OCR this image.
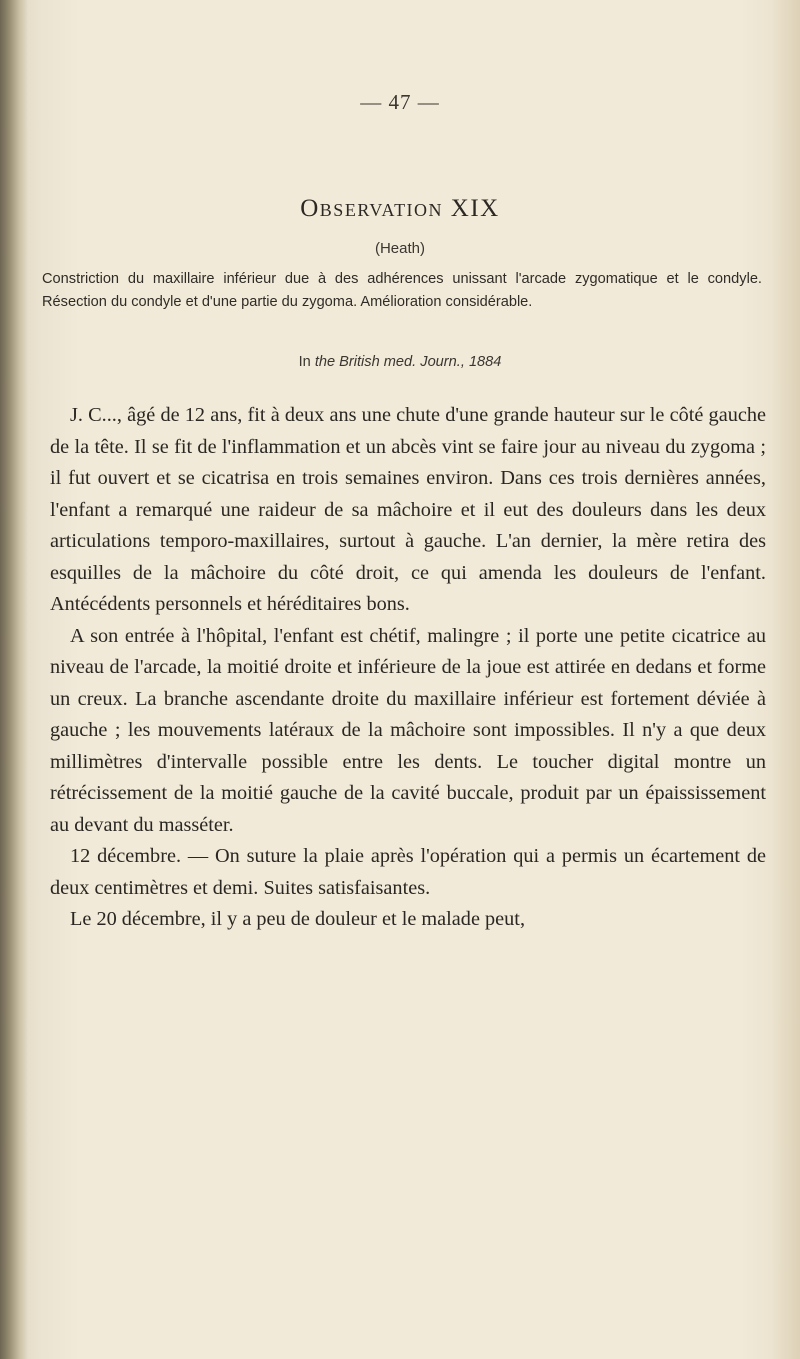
— 47 —
Observation XIX
(Heath)
Constriction du maxillaire inférieur due à des adhérences unissant l'arcade zygomatique et le condyle. Résection du condyle et d'une partie du zygoma. Amélioration considérable.
In the British med. Journ., 1884

J. C..., âgé de 12 ans, fit à deux ans une chute d'une grande hauteur sur le côté gauche de la tête. Il se fit de l'inflammation et un abcès vint se faire jour au niveau du zygoma ; il fut ouvert et se cicatrisa en trois semaines environ. Dans ces trois dernières années, l'enfant a remarqué une raideur de sa mâchoire et il eut des douleurs dans les deux articulations temporo-maxillaires, surtout à gauche. L'an dernier, la mère retira des esquilles de la mâchoire du côté droit, ce qui amenda les douleurs de l'enfant. Antécédents personnels et héréditaires bons.

A son entrée à l'hôpital, l'enfant est chétif, malingre ; il porte une petite cicatrice au niveau de l'arcade, la moitié droite et inférieure de la joue est attirée en dedans et forme un creux. La branche ascendante droite du maxillaire inférieur est fortement déviée à gauche ; les mouvements latéraux de la mâchoire sont impossibles. Il n'y a que deux millimètres d'intervalle possible entre les dents. Le toucher digital montre un rétrécissement de la moitié gauche de la cavité buccale, produit par un épaississement au devant du masséter.

12 décembre. — On suture la plaie après l'opération qui a permis un écartement de deux centimètres et demi. Suites satisfaisantes.

Le 20 décembre, il y a peu de douleur et le malade peut,
